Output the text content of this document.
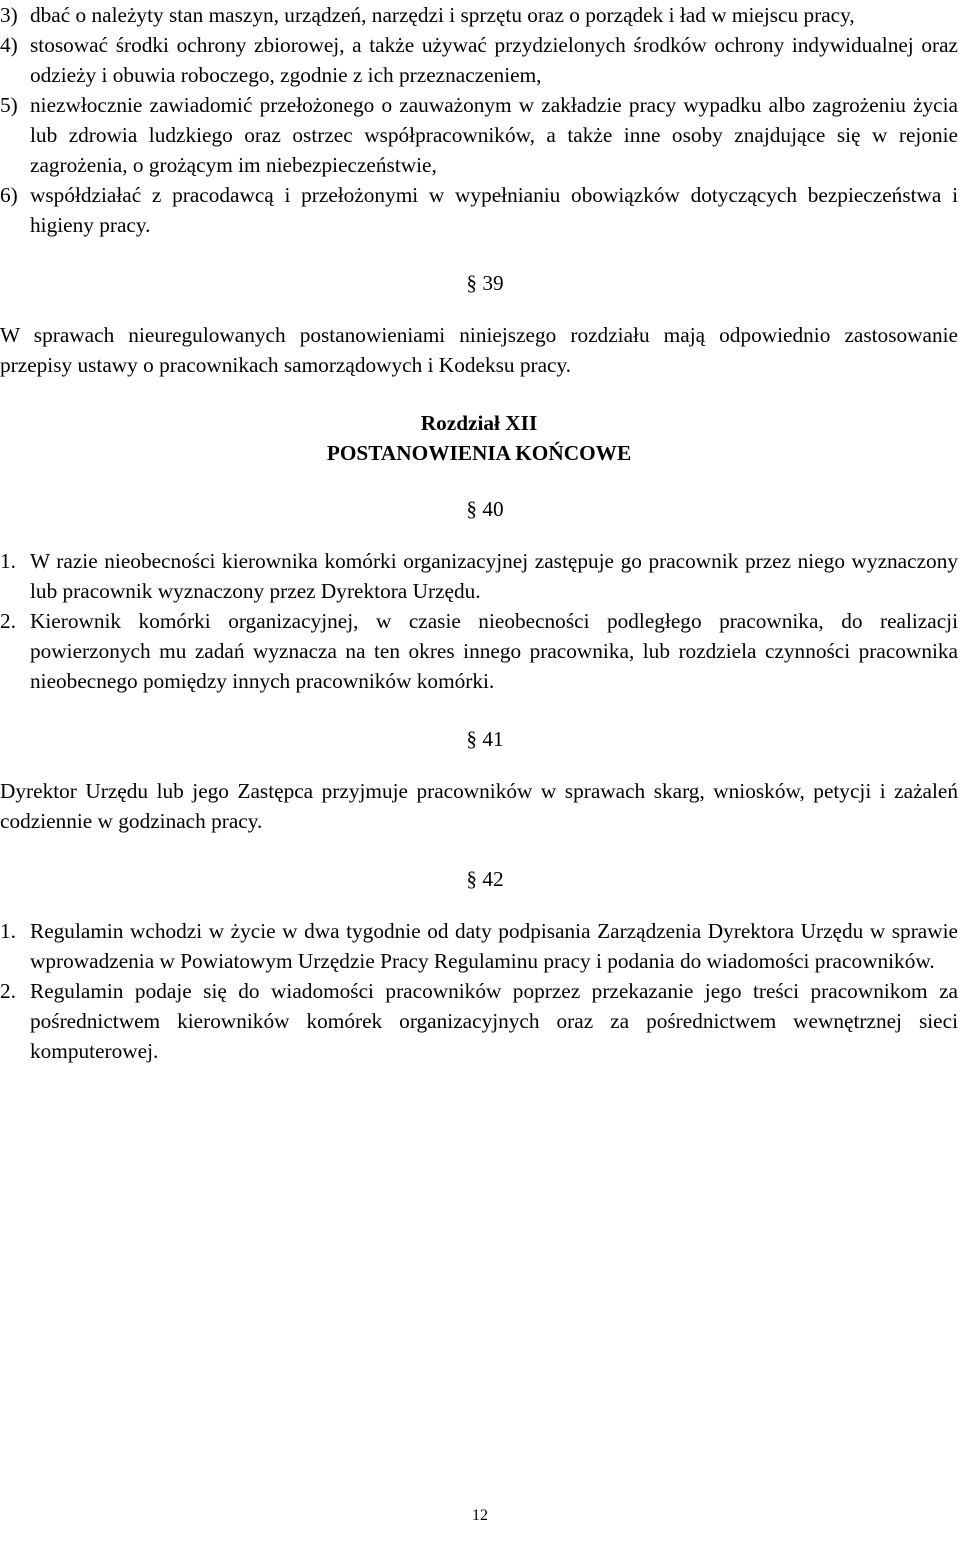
3) dbać o należyty stan maszyn, urządzeń, narzędzi i sprzętu oraz o porządek i ład w miejscu pracy,
4) stosować środki ochrony zbiorowej, a także używać przydzielonych środków ochrony indywidualnej oraz odzieży i obuwia roboczego, zgodnie z ich przeznaczeniem,
5) niezwłocznie zawiadomić przełożonego o zauważonym w zakładzie pracy wypadku albo zagrożeniu życia lub zdrowia ludzkiego oraz ostrzec współpracowników, a także inne osoby znajdujące się w rejonie zagrożenia, o grożącym im niebezpieczeństwie,
6) współdziałać z pracodawcą i przełożonymi w wypełnianiu obowiązków dotyczących bezpieczeństwa i higieny pracy.
§ 39
W sprawach nieuregulowanych postanowieniami niniejszego rozdziału mają odpowiednio zastosowanie przepisy ustawy o pracownikach samorządowych i Kodeksu pracy.
Rozdział XII
POSTANOWIENIA KOŃCOWE
§ 40
1. W razie nieobecności kierownika komórki organizacyjnej zastępuje go pracownik przez niego wyznaczony lub pracownik wyznaczony przez Dyrektora Urzędu.
2. Kierownik komórki organizacyjnej, w czasie nieobecności podległego pracownika, do realizacji powierzonych mu zadań wyznacza na ten okres innego pracownika, lub rozdziela czynności pracownika nieobecnego pomiędzy innych pracowników komórki.
§ 41
Dyrektor Urzędu lub jego Zastępca przyjmuje pracowników w sprawach skarg, wniosków, petycji i zażaleń codziennie w godzinach pracy.
§ 42
1. Regulamin wchodzi w życie w dwa tygodnie od daty podpisania Zarządzenia Dyrektora Urzędu w sprawie wprowadzenia w Powiatowym Urzędzie Pracy Regulaminu pracy i podania do wiadomości pracowników.
2. Regulamin podaje się do wiadomości pracowników poprzez przekazanie jego treści pracownikom za pośrednictwem kierowników komórek organizacyjnych oraz za pośrednictwem wewnętrznej sieci komputerowej.
12
